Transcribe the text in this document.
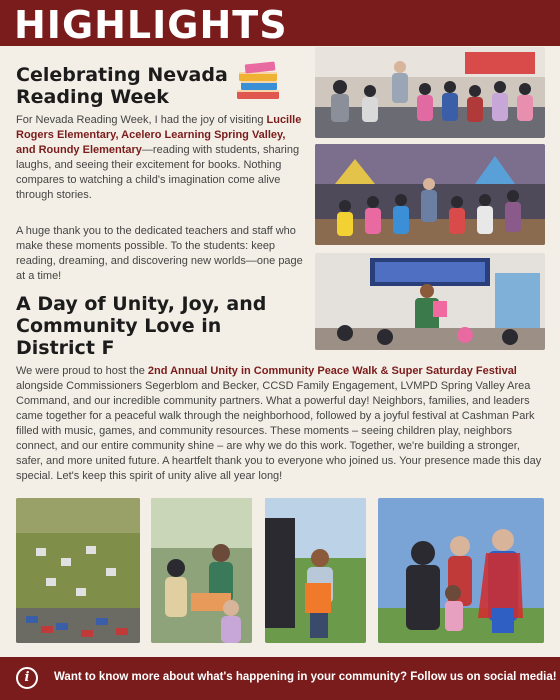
HIGHLIGHTS
Celebrating Nevada Reading Week
For Nevada Reading Week, I had the joy of visiting Lucille Rogers Elementary, Acelero Learning Spring Valley, and Roundy Elementary—reading with students, sharing laughs, and seeing their excitement for books. Nothing compares to watching a child's imagination come alive through stories.
A huge thank you to the dedicated teachers and staff who make these moments possible. To the students: keep reading, dreaming, and discovering new worlds—one page at a time!
A Day of Unity, Joy, and Community Love in District F
We were proud to host the 2nd Annual Unity in Community Peace Walk & Super Saturday Festival alongside Commissioners Segerblom and Becker, CCSD Family Engagement, LVMPD Spring Valley Area Command, and our incredible community partners. What a powerful day! Neighbors, families, and leaders came together for a peaceful walk through the neighborhood, followed by a joyful festival at Cashman Park filled with music, games, and community resources. These moments – seeing children play, neighbors connect, and our entire community shine – are why we do this work. Together, we're building a stronger, safer, and more united future. A heartfelt thank you to everyone who joined us. Your presence made this day special. Let's keep this spirit of unity alive all year long!
i	Want to know more about what's happening in your community? Follow us on social media!
